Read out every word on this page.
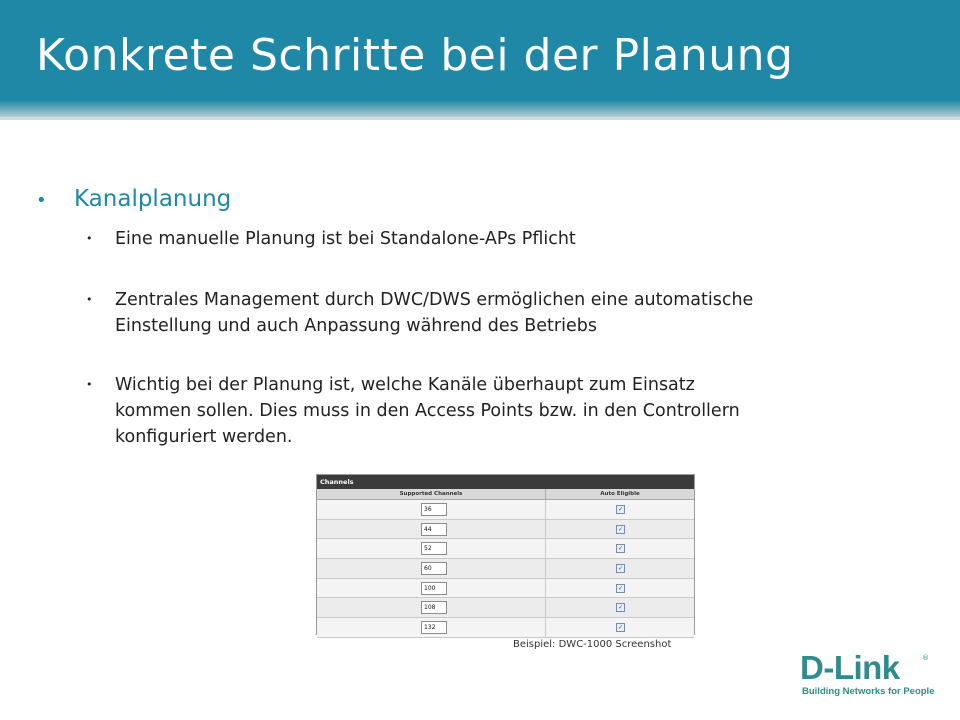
Konkrete Schritte bei der Planung
• Kanalplanung
• Eine manuelle Planung ist bei Standalone-APs Pflicht
• Zentrales Management durch DWC/DWS ermöglichen eine automatische
Einstellung und auch Anpassung während des Betriebs
• Wichtig bei der Planung ist, welche Kanäle überhaupt zum Einsatz
kommen sollen. Dies muss in den Access Points bzw. in den Controllern
konfiguriert werden.
Channels
Supported Channels	Auto Eligible
36	✓
44	✓
52	✓
60	✓
100	✓
108	✓
132	✓
Beispiel: DWC-1000 Screenshot
D-Link	®
Building Networks for People
